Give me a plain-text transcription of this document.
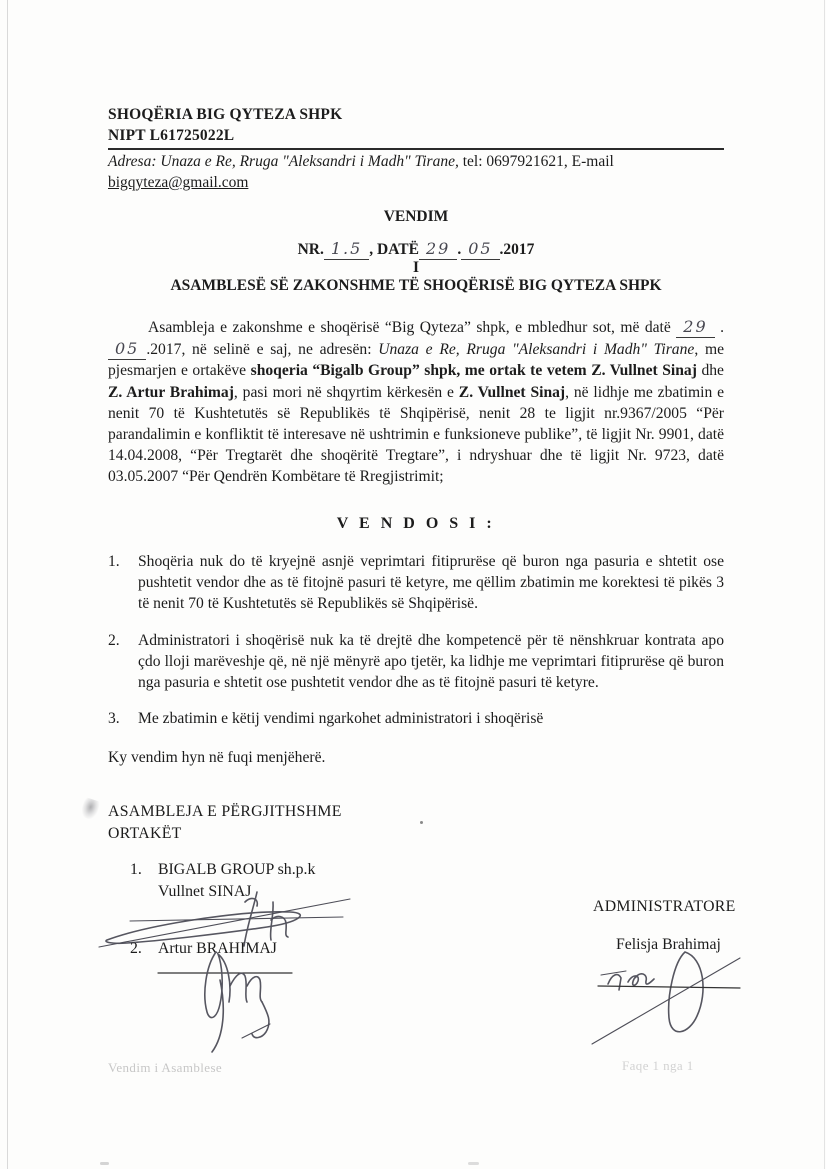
SHOQËRIA BIG QYTEZA SHPK
NIPT L61725022L
Adresa: Unaza e Re, Rruga "Aleksandri i Madh" Tirane, tel: 0697921621, E-mail
bigqyteza@gmail.com
VENDIM
NR. 1.5 , DATË 29 . 05 .2017
I
ASAMBLESË SË ZAKONSHME TË SHOQËRISË BIG QYTEZA SHPK

Asambleja e zakonshme e shoqërisë “Big Qyteza” shpk, e mbledhur sot, më datë 29 . 05 .2017, në selinë e saj, ne adresën: Unaza e Re, Rruga "Aleksandri i Madh" Tirane, me pjesmarjen e ortakëve shoqeria “Bigalb Group” shpk, me ortak te vetem Z. Vullnet Sinaj dhe Z. Artur Brahimaj, pasi mori në shqyrtim kërkesën e Z. Vullnet Sinaj, në lidhje me zbatimin e nenit 70 të Kushtetutës së Republikës të Shqipërisë, nenit 28 te ligjit nr.9367/2005 “Për parandalimin e konfliktit të interesave në ushtrimin e funksioneve publike”, të ligjit Nr. 9901, datë 14.04.2008, “Për Tregtarët dhe shoqëritë Tregtare”, i ndryshuar dhe të ligjit Nr. 9723, datë 03.05.2007 “Për Qendrën Kombëtare të Rregjistrimit;

V E N D O S I :
1.	Shoqëria nuk do të kryejnë asnjë veprimtari fitiprurëse që buron nga pasuria e shtetit ose pushtetit vendor dhe as të fitojnë pasuri të ketyre, me qëllim zbatimin me korektesi të pikës 3 të nenit 70 të Kushtetutës së Republikës së Shqipërisë.
2.	Administratori i shoqërisë nuk ka të drejtë dhe kompetencë për të nënshkruar kontrata apo çdo lloji marëveshje që, në një mënyrë apo tjetër, ka lidhje me veprimtari fitiprurëse që buron nga pasuria e shtetit ose pushtetit vendor dhe as të fitojnë pasuri të ketyre.
3.	Me zbatimin e këtij vendimi ngarkohet administratori i shoqërisë
Ky vendim hyn në fuqi menjëherë.
ASAMBLEJA E PËRGJITHSHME
ORTAKËT
1.	BIGALB GROUP sh.p.k
Vullnet SINAJ
ADMINISTRATORE
2.	Artur BRAHIMAJ	Felisja Brahimaj
Vendim i Asamblese	Faqe 1 nga 1
